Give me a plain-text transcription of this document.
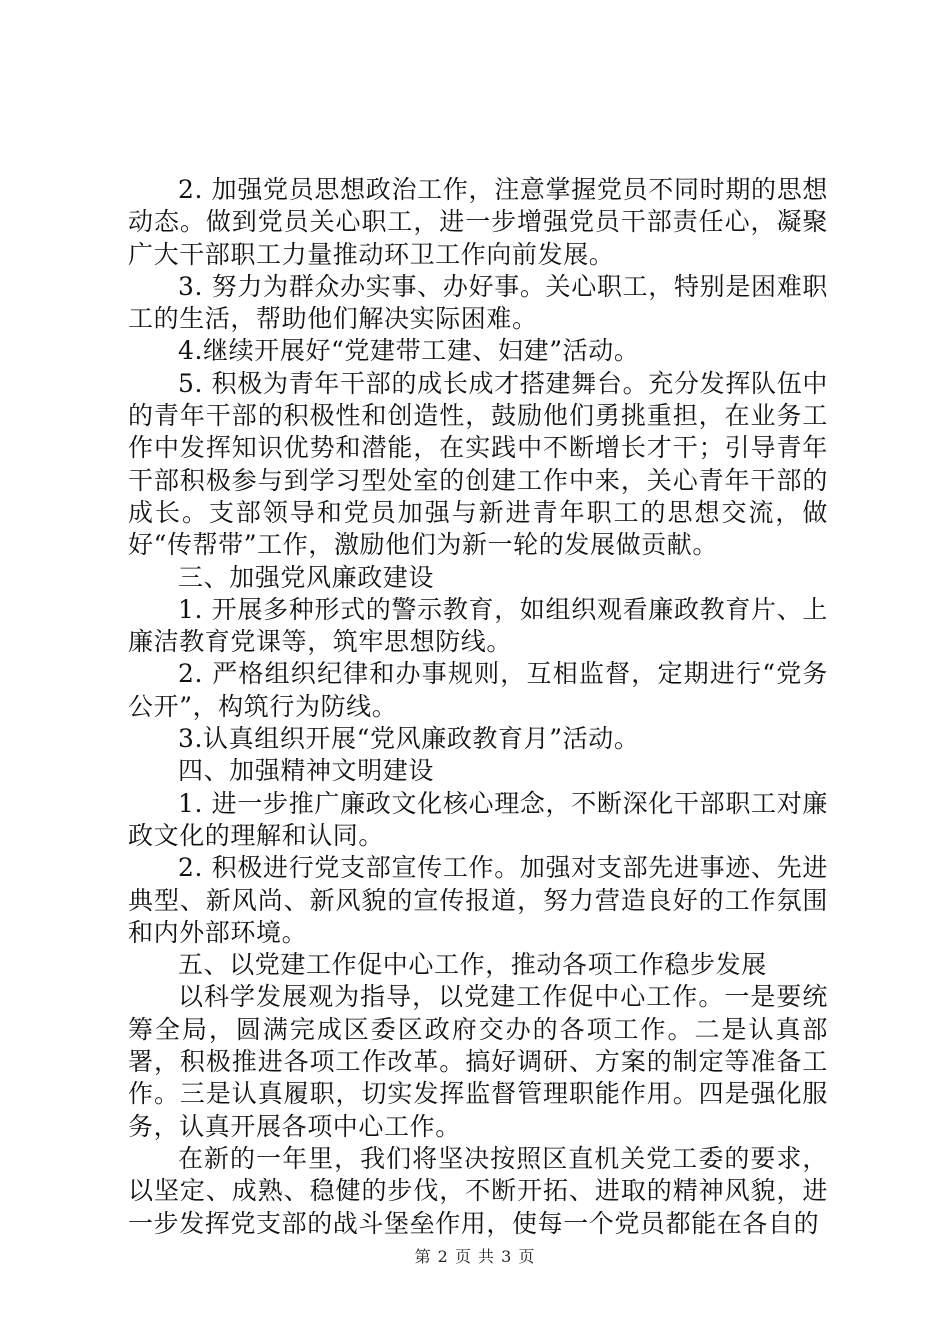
2. 加强党员思想政治工作，注意掌握党员不同时期的思想动态。做到党员关心职工，进一步增强党员干部责任心，凝聚广大干部职工力量推动环卫工作向前发展。

3. 努力为群众办实事、办好事。关心职工，特别是困难职工的生活，帮助他们解决实际困难。

4.继续开展好“党建带工建、妇建”活动。

5. 积极为青年干部的成长成才搭建舞台。充分发挥队伍中的青年干部的积极性和创造性，鼓励他们勇挑重担，在业务工作中发挥知识优势和潜能，在实践中不断增长才干；引导青年干部积极参与到学习型处室的创建工作中来，关心青年干部的成长。支部领导和党员加强与新进青年职工的思想交流，做好“传帮带”工作，激励他们为新一轮的发展做贡献。

三、加强党风廉政建设

1. 开展多种形式的警示教育，如组织观看廉政教育片、上廉洁教育党课等，筑牢思想防线。

2. 严格组织纪律和办事规则，互相监督，定期进行“党务公开”，构筑行为防线。

3.认真组织开展“党风廉政教育月”活动。

四、加强精神文明建设

1. 进一步推广廉政文化核心理念，不断深化干部职工对廉政文化的理解和认同。

2. 积极进行党支部宣传工作。加强对支部先进事迹、先进典型、新风尚、新风貌的宣传报道，努力营造良好的工作氛围和内外部环境。

五、以党建工作促中心工作，推动各项工作稳步发展

以科学发展观为指导，以党建工作促中心工作。一是要统筹全局，圆满完成区委区政府交办的各项工作。二是认真部署，积极推进各项工作改革。搞好调研、方案的制定等准备工作。三是认真履职，切实发挥监督管理职能作用。四是强化服务，认真开展各项中心工作。

在新的一年里，我们将坚决按照区直机关党工委的要求，以坚定、成熟、稳健的步伐，不断开拓、进取的精神风貌，进一步发挥党支部的战斗堡垒作用，使每一个党员都能在各自的

第 2 页 共 3 页
